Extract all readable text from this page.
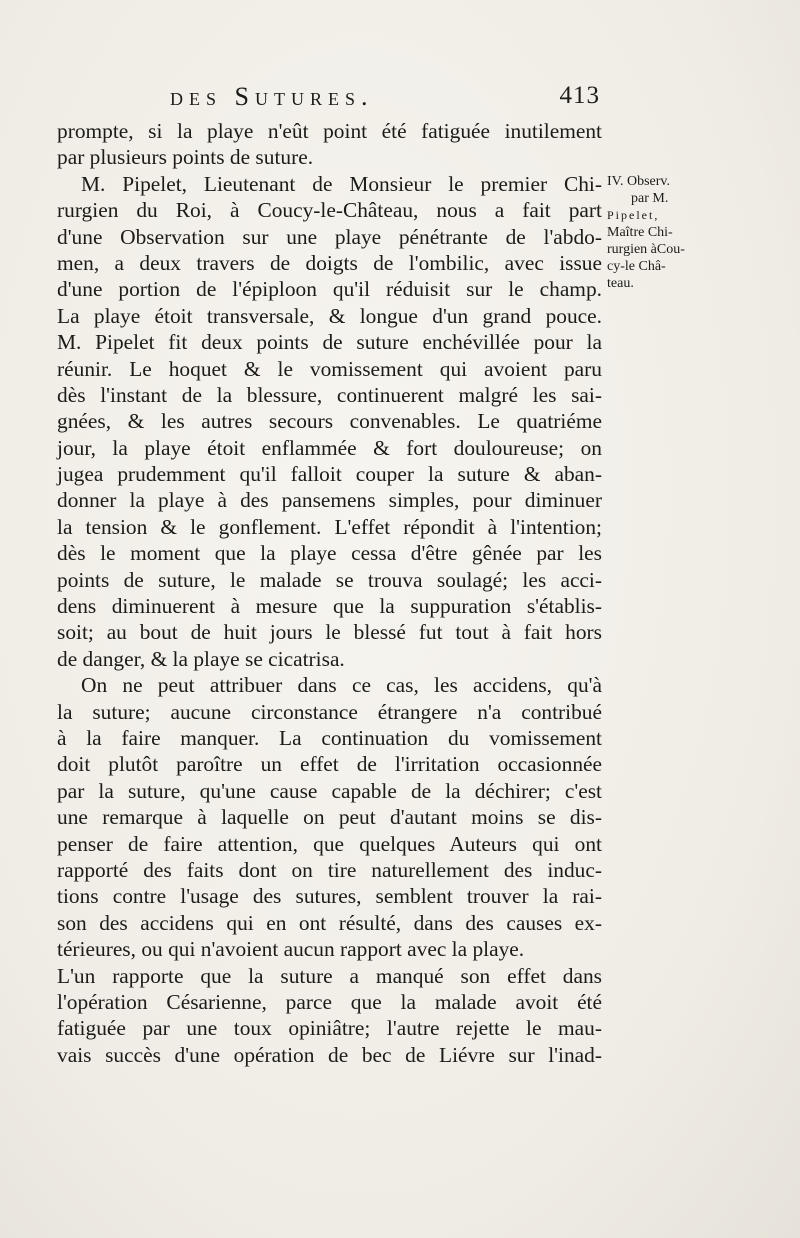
des Sutures.	413
prompte, si la playe n'eût point été fatiguée inutilement
par plusieurs points de suture.
M. Pipelet, Lieutenant de Monsieur le premier Chi-
rurgien du Roi, à Coucy-le-Château, nous a fait part
d'une Observation sur une playe pénétrante de l'abdo-
men, a deux travers de doigts de l'ombilic, avec issue
d'une portion de l'épiploon qu'il réduisit sur le champ.
La playe étoit transversale, & longue d'un grand pouce.
M. Pipelet fit deux points de suture enchévillée pour la
réunir. Le hoquet & le vomissement qui avoient paru
dès l'instant de la blessure, continuerent malgré les sai-
gnées, & les autres secours convenables. Le quatriéme
jour, la playe étoit enflammée & fort douloureuse; on
jugea prudemment qu'il falloit couper la suture & aban-
donner la playe à des pansemens simples, pour diminuer
la tension & le gonflement. L'effet répondit à l'intention;
dès le moment que la playe cessa d'être gênée par les
points de suture, le malade se trouva soulagé; les acci-
dens diminuerent à mesure que la suppuration s'établis-
soit; au bout de huit jours le blessé fut tout à fait hors
de danger, & la playe se cicatrisa.
On ne peut attribuer dans ce cas, les accidens, qu'à
la suture; aucune circonstance étrangere n'a contribué
à la faire manquer. La continuation du vomissement
doit plutôt paroître un effet de l'irritation occasionnée
par la suture, qu'une cause capable de la déchirer; c'est
une remarque à laquelle on peut d'autant moins se dis-
penser de faire attention, que quelques Auteurs qui ont
rapporté des faits dont on tire naturellement des induc-
tions contre l'usage des sutures, semblent trouver la rai-
son des accidens qui en ont résulté, dans des causes ex-
térieures, ou qui n'avoient aucun rapport avec la playe.
L'un rapporte que la suture a manqué son effet dans
l'opération Césarienne, parce que la malade avoit été
fatiguée par une toux opiniâtre; l'autre rejette le mau-
vais succès d'une opération de bec de Liévre sur l'inad-
IV. Observ.
par M.
Pipelet,
Maître Chi-
rurgien àCou-
cy-le Châ-
teau.
